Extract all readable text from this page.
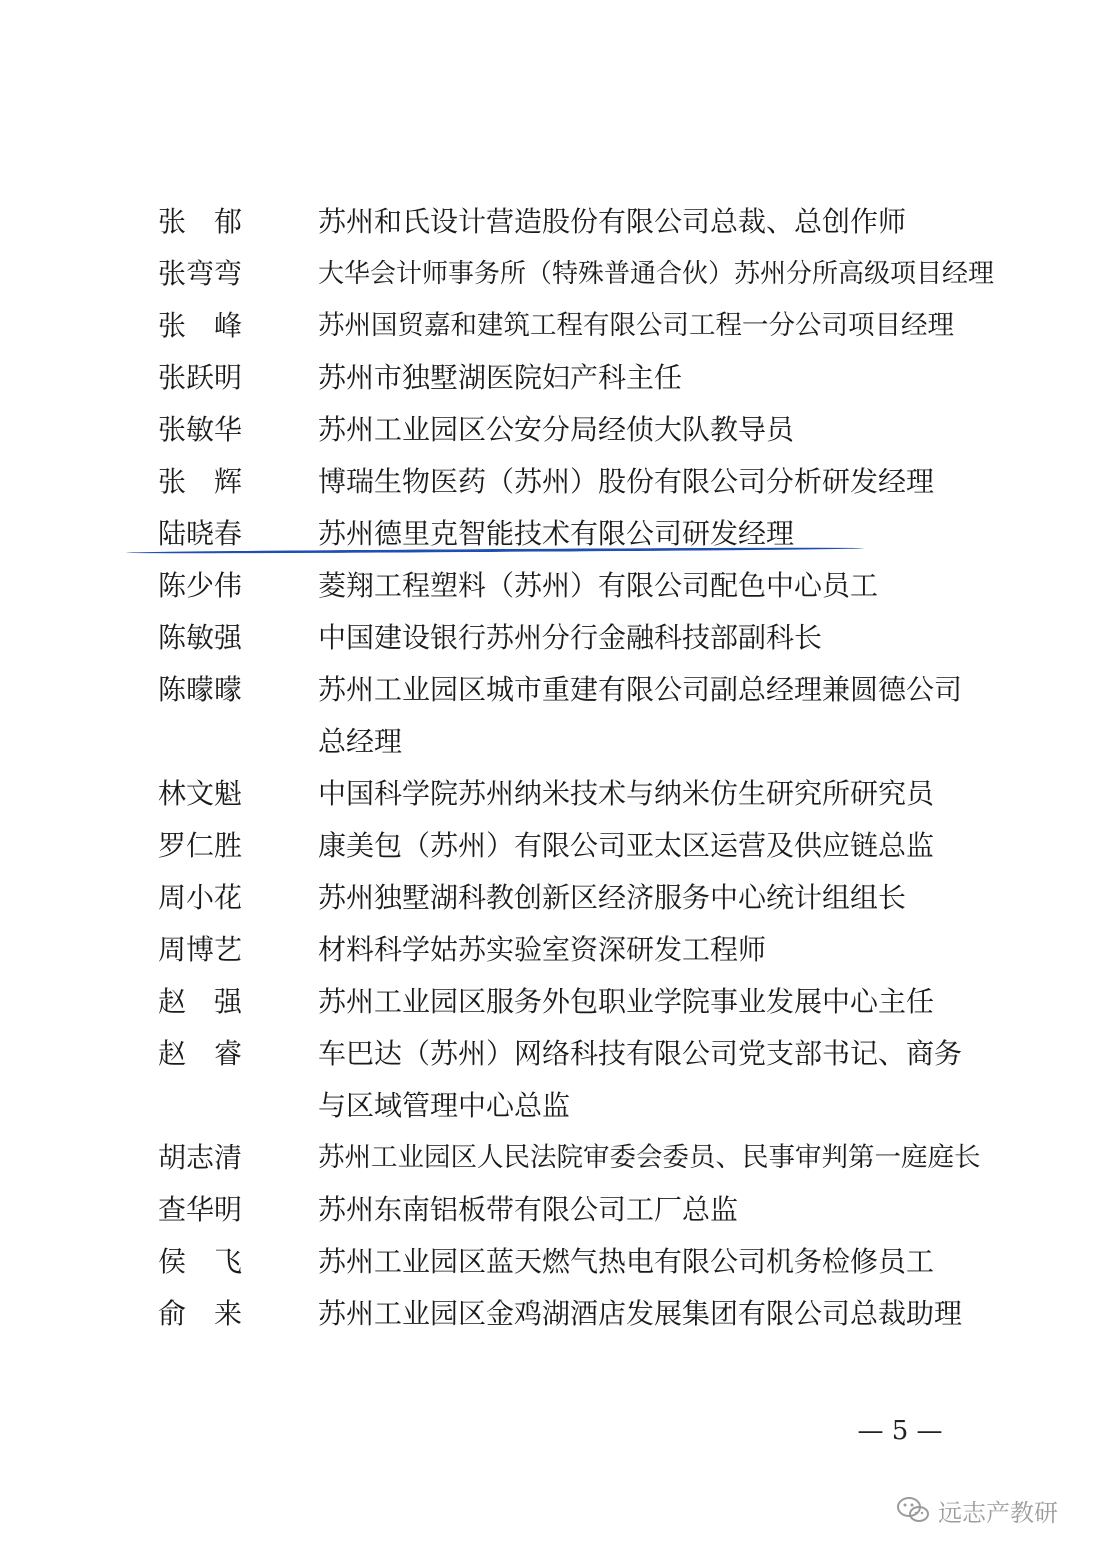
张　郁	苏州和氏设计营造股份有限公司总裁、总创作师
张弯弯	大华会计师事务所（特殊普通合伙）苏州分所高级项目经理
张　峰	苏州国贸嘉和建筑工程有限公司工程一分公司项目经理
张跃明	苏州市独墅湖医院妇产科主任
张敏华	苏州工业园区公安分局经侦大队教导员
张　辉	博瑞生物医药（苏州）股份有限公司分析研发经理
陆晓春	苏州德里克智能技术有限公司研发经理
陈少伟	菱翔工程塑料（苏州）有限公司配色中心员工
陈敏强	中国建设银行苏州分行金融科技部副科长
陈曚曚	苏州工业园区城市重建有限公司副总经理兼圆德公司总经理
林文魁	中国科学院苏州纳米技术与纳米仿生研究所研究员
罗仁胜	康美包（苏州）有限公司亚太区运营及供应链总监
周小花	苏州独墅湖科教创新区经济服务中心统计组组长
周博艺	材料科学姑苏实验室资深研发工程师
赵　强	苏州工业园区服务外包职业学院事业发展中心主任
赵　睿	车巴达（苏州）网络科技有限公司党支部书记、商务与区域管理中心总监
胡志清	苏州工业园区人民法院审委会委员、民事审判第一庭庭长
查华明	苏州东南铝板带有限公司工厂总监
侯　飞	苏州工业园区蓝天燃气热电有限公司机务检修员工
俞　来	苏州工业园区金鸡湖酒店发展集团有限公司总裁助理
— 5 —
远志产教研
